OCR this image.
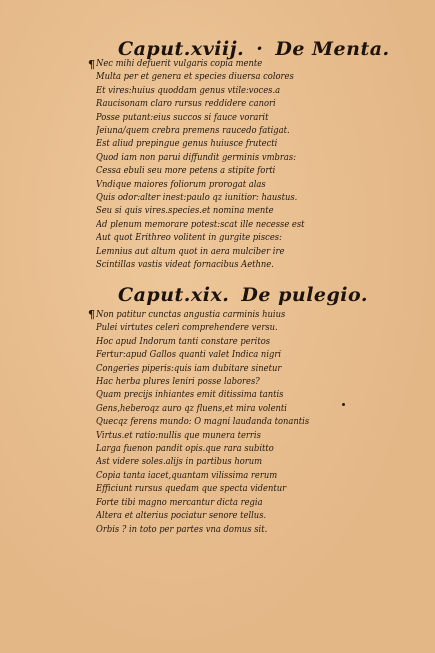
Caput.xviij. · De Menta.
¶ Nec mihi defuerit vulgaris copia mente
Multa per et genera et species diuersa colores
Et vires:huius quoddam genus vtile:voces.a
Raucisonam claro rursus reddidere canori
Posse putant:eius succos si fauce vorarit
Jeiuna/quem crebra premens raucedo fatigat.
Est aliud prepingue genus huiusce frutecti
Quod iam non parui diffundit germinis vmbras:
Cessa ebuli seu more petens a stipite forti
Vndique maiores foliorum prorogat alas
Quis odor:alter inest:paulo qz iunitior: haustus.
Seu si quis vires.species.et nomina mente
Ad plenum memorare potest:scat ille necesse est
Aut quot Erithreo volitent in gurgite pisces:
Lemnius aut altum quot in aera mulciber ire
Scintillas vastis videat fornacibus Aethne.
Caput.xix. De pulegio.
¶ Non patitur cunctas angustia carminis huius
Pulei virtutes celeri comprehendere versu.
Hoc apud Indorum tanti constare peritos
Fertur:apud Gallos quanti valet Indica nigri
Congeries piperis:quis iam dubitare sinetur
Hac herba plures leniri posse labores?
Quam precijs inhiantes emit ditissima tantis
Gens,heberoqz auro qz fluens,et mira volenti
Quecqz ferens mundo: O magni laudanda tonantis
Virtus.et ratio:nullis que munera terris
Larga fuenon pandit opis.que rara subitto
Ast videre soles.alijs in partibus horum
Copia tanta iacet,quantam vilissima rerum
Efficiunt rursus quedam que specta videntur
Forte tibi magno mercantur dicta regia
Altera et alterius pociatur senore tellus.
Orbis ? in toto per partes vna domus sit.
